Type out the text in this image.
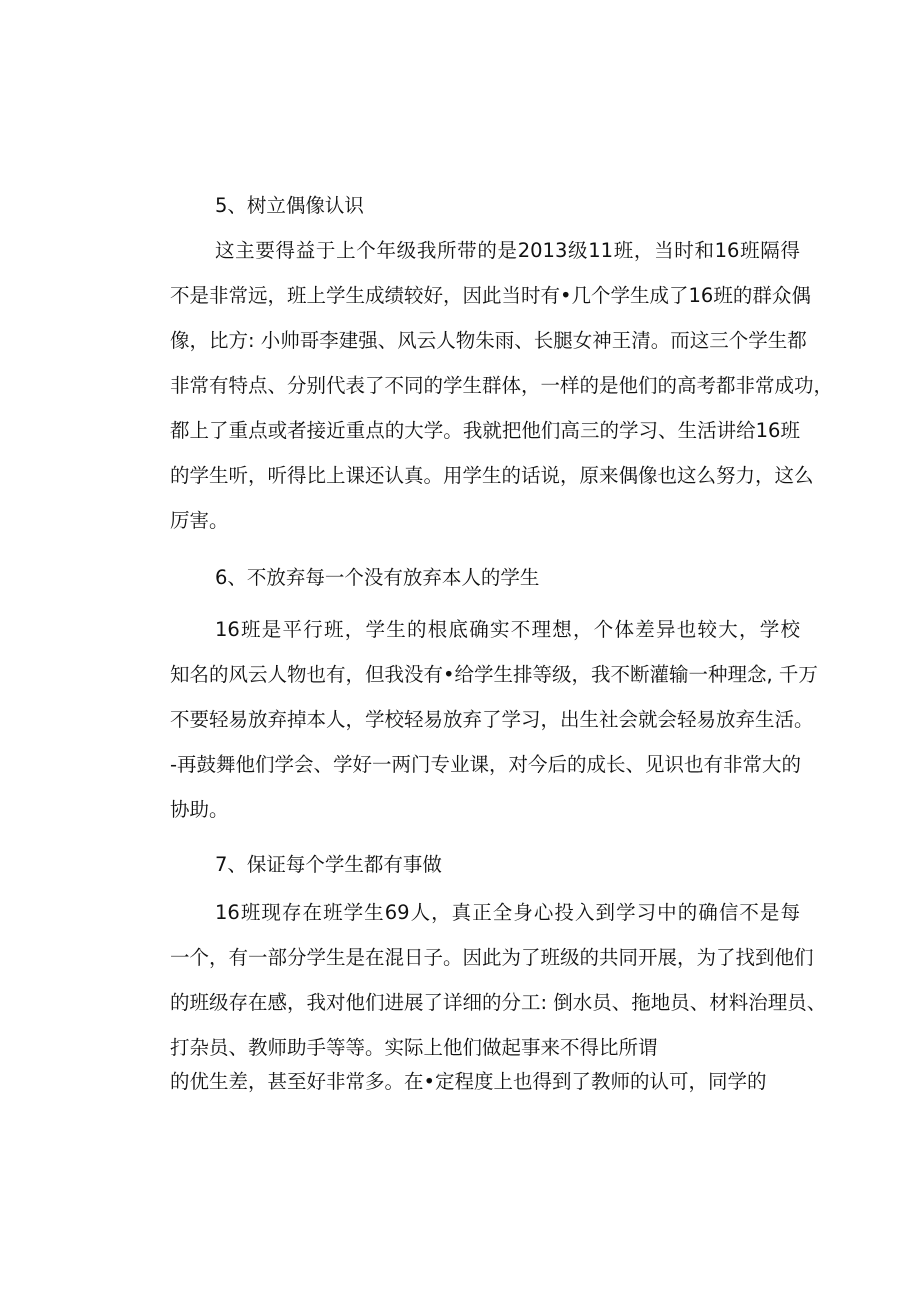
5、树立偶像认识
这主要得益于上个年级我所带的是2013级11班，当时和16班隔得
不是非常远，班上学生成绩较好，因此当时有•几个学生成了16班的群众偶
像，比方: 小帅哥李建强、风云人物朱雨、长腿女神王清。而这三个学生都
非常有特点、分别代表了不同的学生群体，一样的是他们的高考都非常成功，
都上了重点或者接近重点的大学。我就把他们高三的学习、生活讲给16班
的学生听，听得比上课还认真。用学生的话说，原来偶像也这么努力，这么
厉害。
6、不放弃每一个没有放弃本人的学生
16班是平行班，学生的根底确实不理想，个体差异也较大，学校
知名的风云人物也有，但我没有•给学生排等级，我不断灌输一种理念, 千万
不要轻易放弃掉本人，学校轻易放弃了学习，出生社会就会轻易放弃生活。
-再鼓舞他们学会、学好一两门专业课，对今后的成长、见识也有非常大的
协助。
7、保证每个学生都有事做
16班现存在班学生69人，真正全身心投入到学习中的确信不是每
一个，有一部分学生是在混日子。因此为了班级的共同开展，为了找到他们
的班级存在感，我对他们进展了详细的分工: 倒水员、拖地员、材料治理员、
打杂员、教师助手等等。实际上他们做起事来不得比所谓
的优生差，甚至好非常多。在•定程度上也得到了教师的认可，同学的
